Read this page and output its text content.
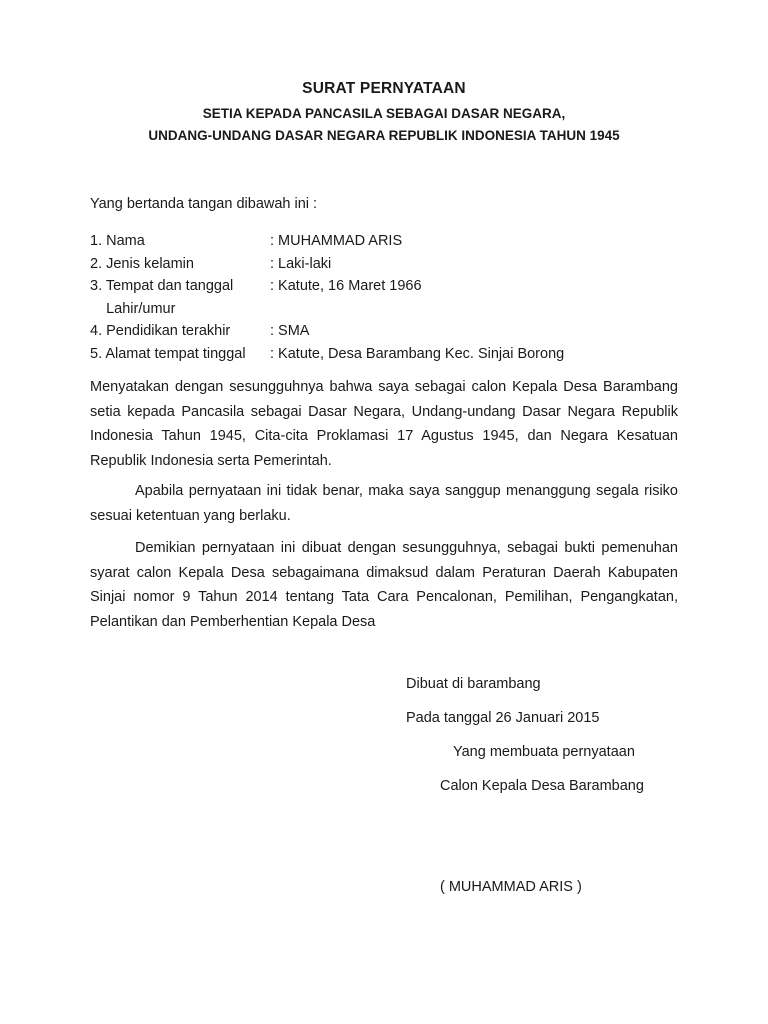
SURAT PERNYATAAN
SETIA KEPADA PANCASILA SEBAGAI DASAR NEGARA,
UNDANG-UNDANG DASAR NEGARA REPUBLIK INDONESIA TAHUN 1945
Yang bertanda tangan dibawah ini :
1. Nama	: MUHAMMAD ARIS
2. Jenis kelamin	: Laki-laki
3. Tempat dan tanggal	: Katute, 16 Maret 1966
Lahir/umur
4. Pendidikan terakhir	: SMA
5. Alamat tempat tinggal : Katute, Desa Barambang Kec. Sinjai Borong

Menyatakan dengan sesungguhnya bahwa saya sebagai calon Kepala Desa Barambang setia kepada Pancasila sebagai Dasar Negara, Undang-undang Dasar Negara Republik Indonesia Tahun 1945, Cita-cita Proklamasi 17 Agustus 1945, dan Negara Kesatuan Republik Indonesia serta Pemerintah.

Apabila pernyataan ini tidak benar, maka saya sanggup menanggung segala risiko sesuai ketentuan yang berlaku.

Demikian pernyataan ini dibuat dengan sesungguhnya, sebagai bukti pemenuhan syarat calon Kepala Desa sebagaimana dimaksud dalam Peraturan Daerah Kabupaten Sinjai nomor 9 Tahun 2014 tentang Tata Cara Pencalonan, Pemilihan, Pengangkatan, Pelantikan dan Pemberhentian Kepala Desa

Dibuat di barambang
Pada tanggal 26 Januari 2015
Yang membuata pernyataan
Calon Kepala Desa Barambang
( MUHAMMAD ARIS )
